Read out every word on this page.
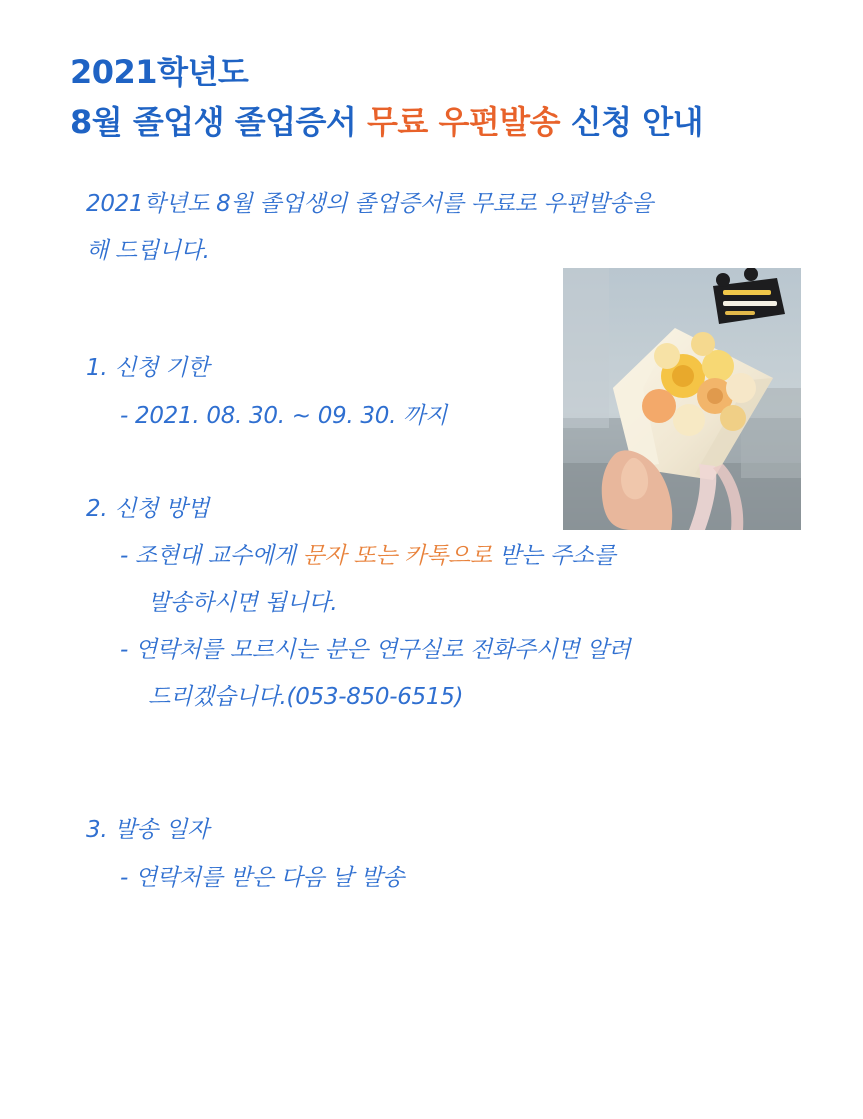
2021학년도
8월 졸업생 졸업증서 무료 우편발송 신청 안내
2021학년도 8월 졸업생의 졸업증서를 무료로 우편발송을
해 드립니다.
1. 신청 기한
- 2021. 08. 30. ~ 09. 30. 까지
2. 신청 방법
- 조현대 교수에게 문자 또는 카톡으로 받는 주소를
발송하시면 됩니다.
- 연락처를 모르시는 분은 연구실로 전화주시면 알려
드리겠습니다.(053-850-6515)
3. 발송 일자
- 연락처를 받은 다음 날 발송
